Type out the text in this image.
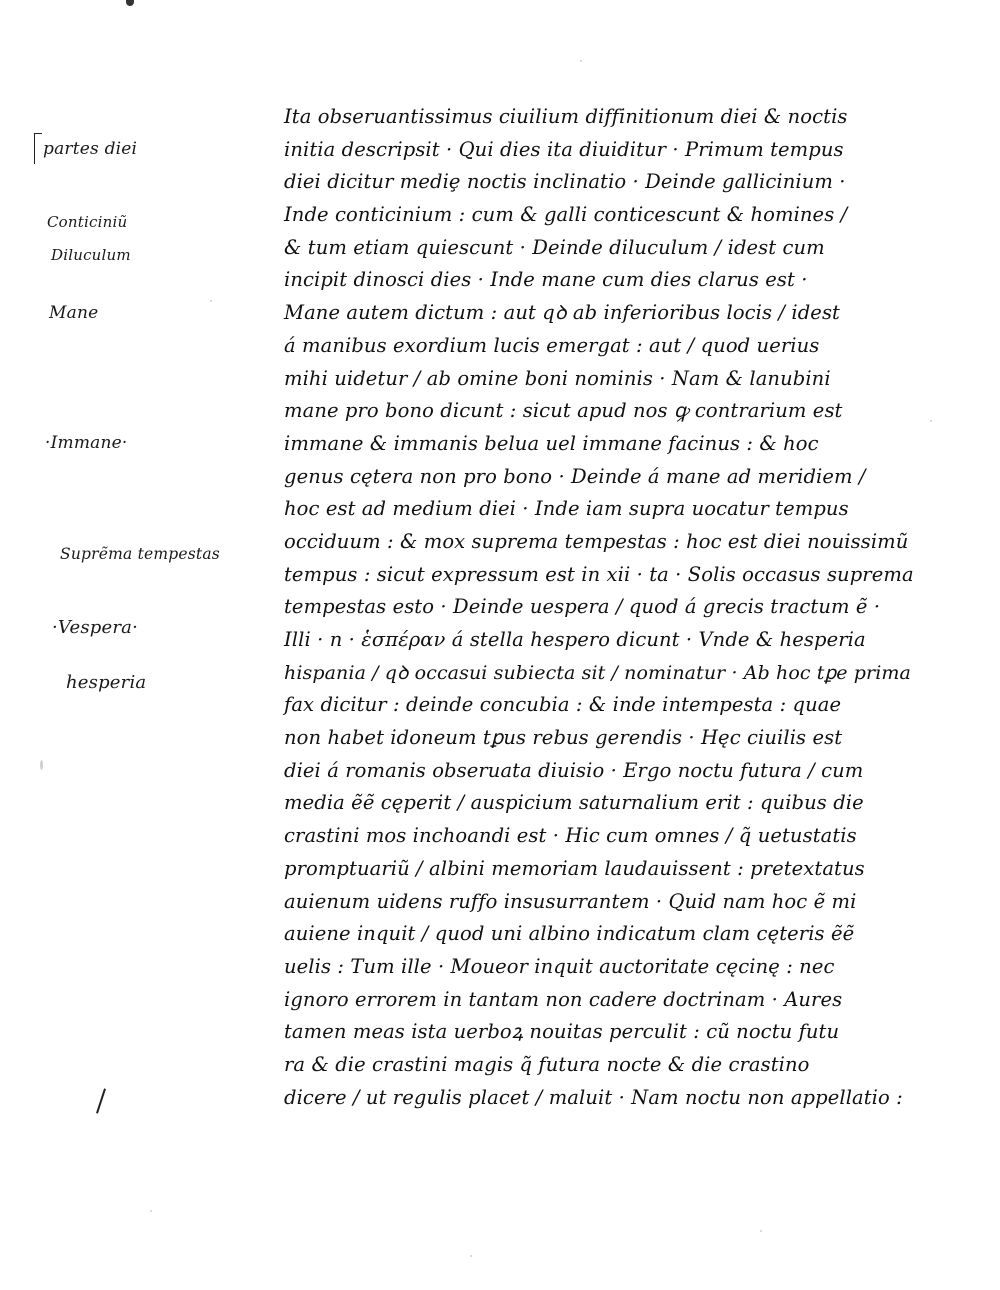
partes diei
Conticiniũ
Diluculum
Mane
·Immane·
Suprẽma tempestas
·Vespera·
hesperia
Ita obseruantissimus ciuilium diffinitionum diei & noctis
initia descripsit · Qui dies ita diuiditur · Primum tempus
diei dicitur mediȩ noctis inclinatio · Deinde gallicinium ·
Inde conticinium : cum & galli conticescunt & homines /
& tum etiam quiescunt · Deinde diluculum / idest cum
incipit dinosci dies · Inde mane cum dies clarus est ·
Mane autem dictum : aut qꝺ ab inferioribus locis / idest
á manibus exordium lucis emergat : aut / quod uerius
mihi uidetur / ab omine boni nominis · Nam & lanubini
mane pro bono dicunt : sicut apud nos ꝙ contrarium est
immane & immanis belua uel immane facinus : & hoc
genus cętera non pro bono · Deinde á mane ad meridiem /
hoc est ad medium diei · Inde iam supra uocatur tempus
occiduum : & mox suprema tempestas : hoc est diei nouissimũ
tempus : sicut expressum est in xii · ta · Solis occasus suprema
tempestas esto · Deinde uespera / quod á grecis tractum ẽ ·
Illi · n · ἑσπέραν á stella hespero dicunt · Vnde & hesperia
hispania / qꝺ occasui subiecta sit / nominatur · Ab hoc tꝑe prima
fax dicitur : deinde concubia : & inde intempesta : quae
non habet idoneum tꝑus rebus gerendis · Hęc ciuilis est
diei á romanis obseruata diuisio · Ergo noctu futura / cum
media ẽẽ cęperit / auspicium saturnalium erit : quibus die
crastini mos inchoandi est · Hic cum omnes / q̃ uetustatis
promptuariũ / albini memoriam laudauissent : pretextatus
auienum uidens ruffo insusurrantem · Quid nam hoc ẽ mi
auiene inquit / quod uni albino indicatum clam cęteris ẽẽ
uelis : Tum ille · Moueor inquit auctoritate cęcinę : nec
ignoro errorem in tantam non cadere doctrinam · Aures
tamen meas ista uerboꝝ nouitas perculit : cũ noctu futu
ra & die crastini magis q̃ futura nocte & die crastino
dicere / ut regulis placet / maluit · Nam noctu non appellatio :
